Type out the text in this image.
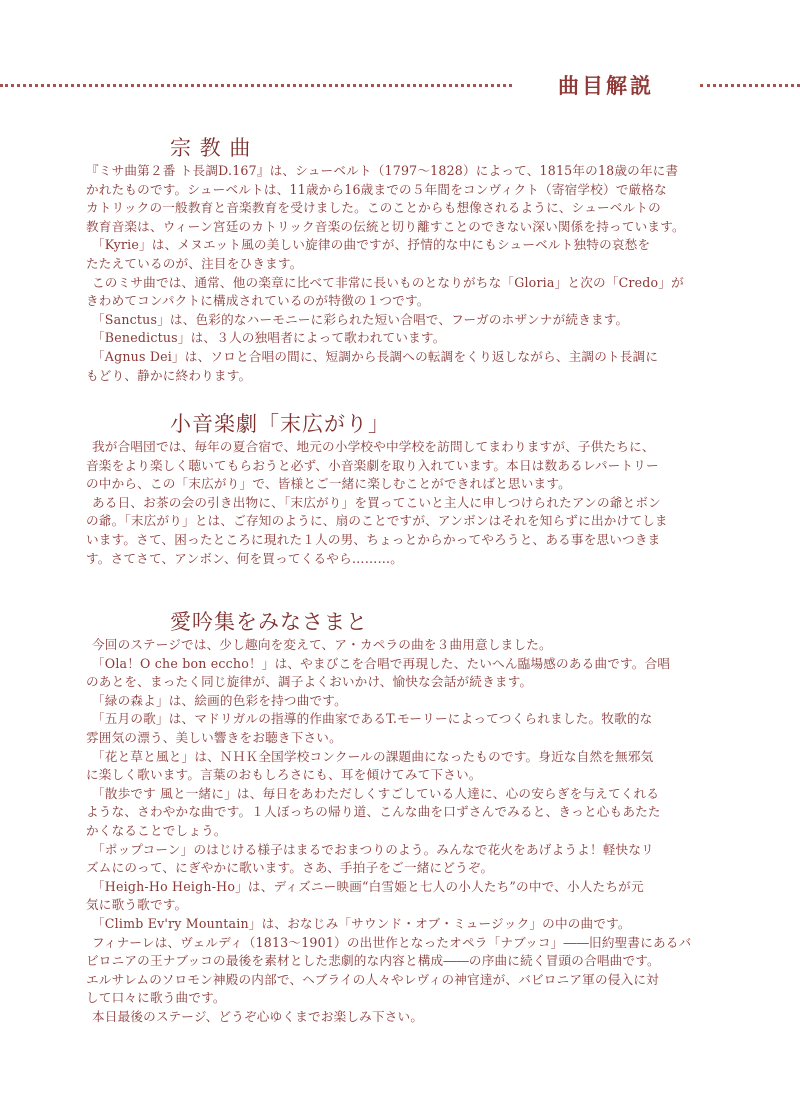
曲目解説
宗 教 曲

『ミサ曲第２番 ト長調D.167』は、シューベルト（1797～1828）によって、1815年の18歳の年に書

かれたものです。シューベルトは、11歳から16歳までの５年間をコンヴィクト（寄宿学校）で厳格な

カトリックの一般教育と音楽教育を受けました。このことからも想像されるように、シューベルトの

教育音楽は、ウィーン宮廷のカトリック音楽の伝統と切り離すことのできない深い関係を持っています。

「Kyrie」は、メヌエット風の美しい旋律の曲ですが、抒情的な中にもシューベルト独特の哀愁を

たたえているのが、注目をひきます。

このミサ曲では、通常、他の楽章に比べて非常に長いものとなりがちな「Gloria」と次の「Credo」が

きわめてコンパクトに構成されているのが特徴の１つです。

「Sanctus」は、色彩的なハーモニーに彩られた短い合唱で、フーガのホザンナが続きます。

「Benedictus」は、３人の独唱者によって歌われています。

「Agnus Dei」は、ソロと合唱の間に、短調から長調への転調をくり返しながら、主調のト長調に

もどり、静かに終わります。

小音楽劇「末広がり」

我が合唱団では、毎年の夏合宿で、地元の小学校や中学校を訪問してまわりますが、子供たちに、

音楽をより楽しく聴いてもらおうと必ず、小音楽劇を取り入れています。本日は数あるレパートリー

の中から、この「末広がり」で、皆様とご一緒に楽しむことができればと思います。

ある日、お茶の会の引き出物に、「末広がり」を買ってこいと主人に申しつけられたアンの爺とボン

の爺。「末広がり」とは、ご存知のように、扇のことですが、アンボンはそれを知らずに出かけてしま

います。さて、困ったところに現れた１人の男、ちょっとからかってやろうと、ある事を思いつきま

す。さてさて、アンボン、何を買ってくるやら………。

愛吟集をみなさまと

今回のステージでは、少し趣向を変えて、ア・カペラの曲を３曲用意しました。

「Ola！O che bon eccho！」は、やまびこを合唱で再現した、たいへん臨場感のある曲です。合唱

のあとを、まったく同じ旋律が、調子よくおいかけ、愉快な会話が続きます。

「緑の森よ」は、絵画的色彩を持つ曲です。

「五月の歌」は、マドリガルの指導的作曲家であるT.モーリーによってつくられました。牧歌的な

雰囲気の漂う、美しい響きをお聴き下さい。

「花と草と風と」は、ＮＨＫ全国学校コンクールの課題曲になったものです。身近な自然を無邪気

に楽しく歌います。言葉のおもしろさにも、耳を傾けてみて下さい。

「散歩です 風と一緒に」は、毎日をあわただしくすごしている人達に、心の安らぎを与えてくれる

ような、さわやかな曲です。１人ぼっちの帰り道、こんな曲を口ずさんでみると、きっと心もあたた

かくなることでしょう。

「ポップコーン」のはじける様子はまるでおまつりのよう。みんなで花火をあげようよ！軽快なリ

ズムにのって、にぎやかに歌います。さあ、手拍子をご一緒にどうぞ。

「Heigh-Ho Heigh-Ho」は、ディズニー映画“白雪姫と七人の小人たち”の中で、小人たちが元

気に歌う歌です。

「Climb Ev'ry Mountain」は、おなじみ「サウンド・オブ・ミュージック」の中の曲です。

フィナーレは、ヴェルディ（1813～1901）の出世作となったオペラ「ナブッコ」――旧約聖書にあるバ

ビロニアの王ナブッコの最後を素材とした悲劇的な内容と構成――の序曲に続く冒頭の合唱曲です。

エルサレムのソロモン神殿の内部で、ヘブライの人々やレヴィの神官達が、バビロニア軍の侵入に対

して口々に歌う曲です。

本日最後のステージ、どうぞ心ゆくまでお楽しみ下さい。
